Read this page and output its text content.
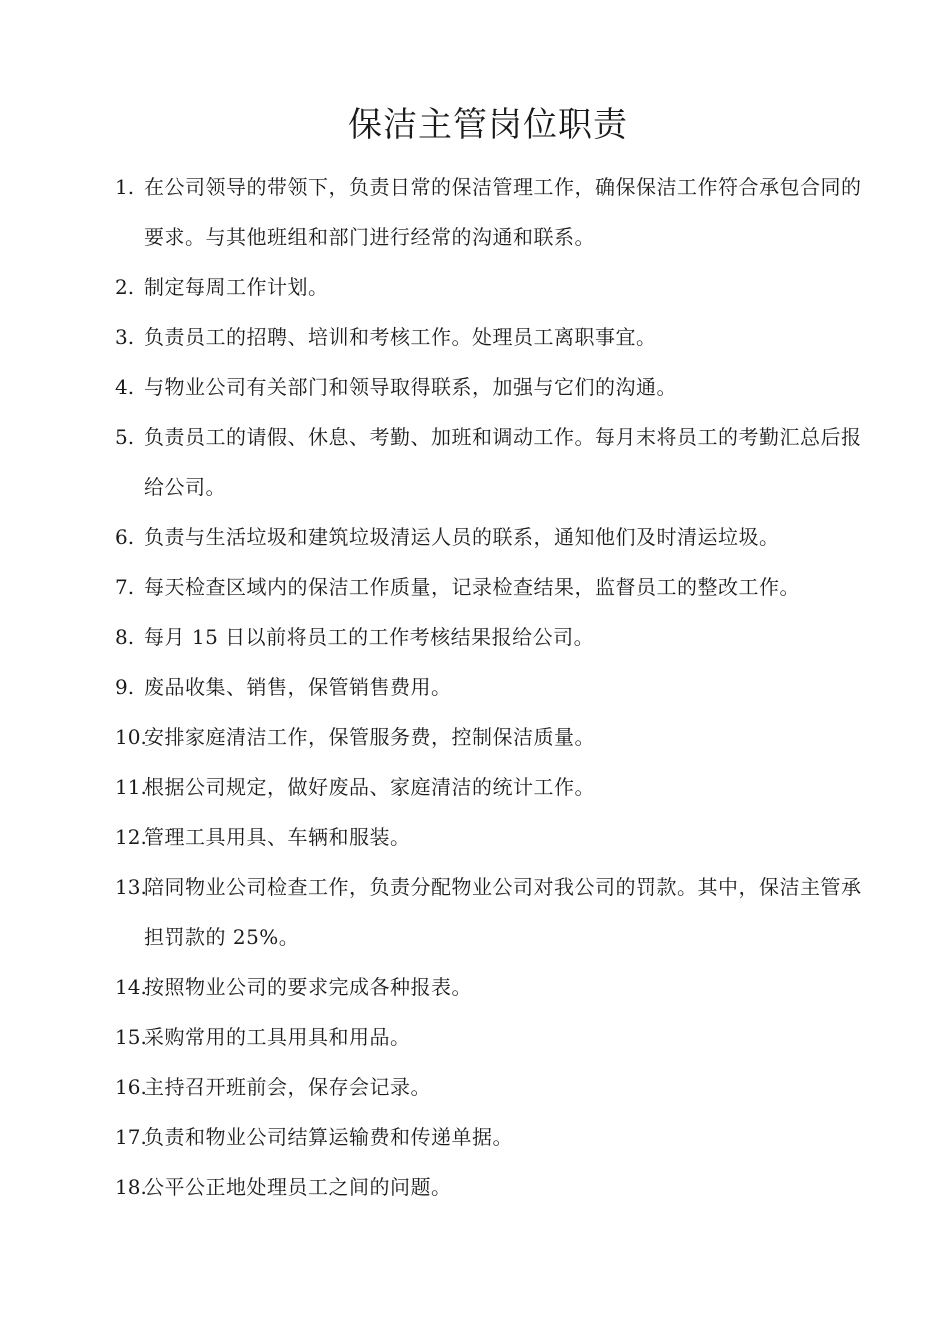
保洁主管岗位职责
1. 在公司领导的带领下，负责日常的保洁管理工作，确保保洁工作符合承包合同的要求。与其他班组和部门进行经常的沟通和联系。
2. 制定每周工作计划。
3. 负责员工的招聘、培训和考核工作。处理员工离职事宜。
4. 与物业公司有关部门和领导取得联系，加强与它们的沟通。
5. 负责员工的请假、休息、考勤、加班和调动工作。每月末将员工的考勤汇总后报给公司。
6. 负责与生活垃圾和建筑垃圾清运人员的联系，通知他们及时清运垃圾。
7. 每天检查区域内的保洁工作质量，记录检查结果，监督员工的整改工作。
8. 每月 15 日以前将员工的工作考核结果报给公司。
9. 废品收集、销售，保管销售费用。
10.
安排家庭清洁工作，保管服务费，控制保洁质量。
11.
根据公司规定，做好废品、家庭清洁的统计工作。
12.
管理工具用具、车辆和服装。
13.
陪同物业公司检查工作，负责分配物业公司对我公司的罚款。其中，保洁主管承担罚款的 25%。
14.
按照物业公司的要求完成各种报表。
15.
采购常用的工具用具和用品。
16.
主持召开班前会，保存会记录。
17.
负责和物业公司结算运输费和传递单据。
18.
公平公正地处理员工之间的问题。
